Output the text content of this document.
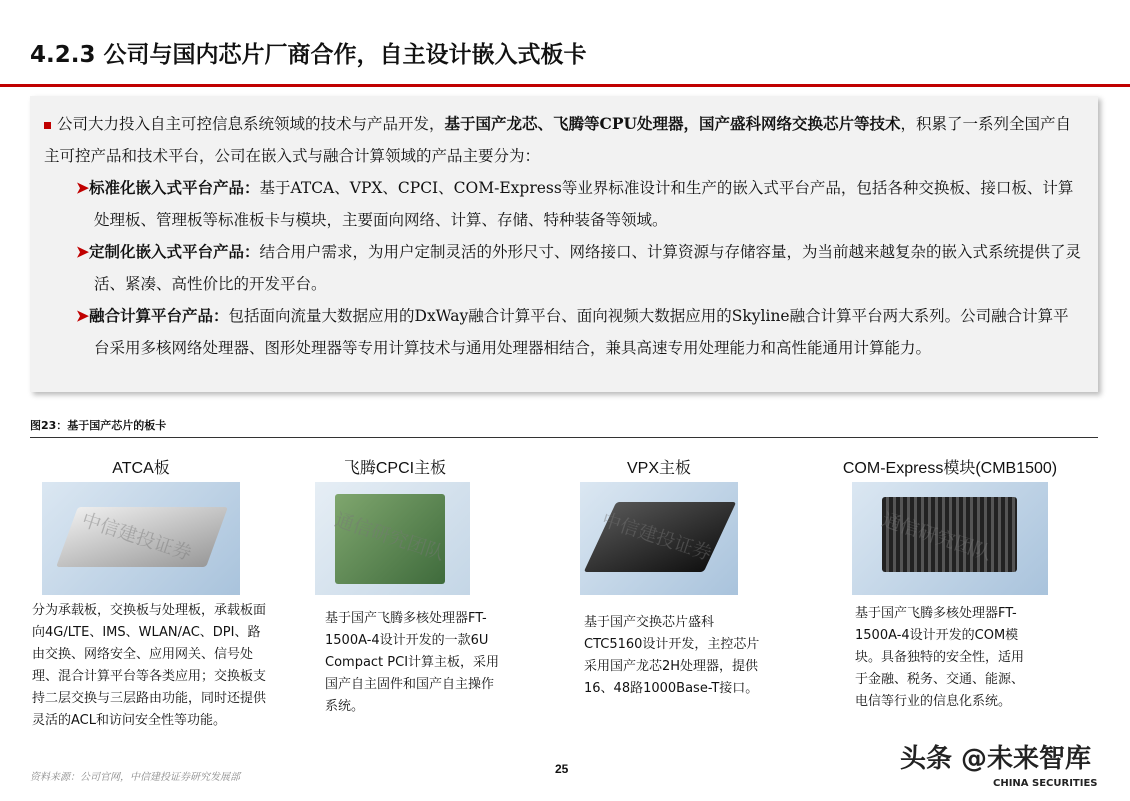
4.2.3 公司与国内芯片厂商合作，自主设计嵌入式板卡

公司大力投入自主可控信息系统领域的技术与产品开发，基于国产龙芯、飞腾等CPU处理器，国产盛科网络交换芯片等技术，积累了一系列全国产自主可控产品和技术平台，公司在嵌入式与融合计算领域的产品主要分为：

➤标准化嵌入式平台产品：基于ATCA、VPX、CPCI、COM-Express等业界标准设计和生产的嵌入式平台产品，包括各种交换板、接口板、计算处理板、管理板等标准板卡与模块，主要面向网络、计算、存储、特种装备等领域。

➤定制化嵌入式平台产品：结合用户需求，为用户定制灵活的外形尺寸、网络接口、计算资源与存储容量，为当前越来越复杂的嵌入式系统提供了灵活、紧凑、高性价比的开发平台。

➤融合计算平台产品：包括面向流量大数据应用的DxWay融合计算平台、面向视频大数据应用的Skyline融合计算平台两大系列。公司融合计算平台采用多核网络处理器、图形处理器等专用计算技术与通用处理器相结合，兼具高速专用处理能力和高性能通用计算能力。

图23：基于国产芯片的板卡
ATCA板	飞腾CPCI主板	VPX主板	COM-Express模块(CMB1500)
分为承载板，交换板与处理板，承载板面向4G/LTE、IMS、WLAN/AC、DPI、路由交换、网络安全、应用网关、信号处理、混合计算平台等各类应用；交换板支持二层交换与三层路由功能，同时还提供灵活的ACL和访问安全性等功能。
基于国产飞腾多核处理器FT-1500A-4设计开发的一款6U Compact PCI计算主板，采用国产自主固件和国产自主操作系统。
基于国产交换芯片盛科CTC5160设计开发，主控芯片采用国产龙芯2H处理器，提供16、48路1000Base-T接口。
基于国产飞腾多核处理器FT-1500A-4设计开发的COM模块。具备独特的安全性，适用于金融、税务、交通、能源、电信等行业的信息化系统。
资料来源：公司官网，中信建投证券研究发展部
25
中信建投证券	通信研究团队
中信建投证券	通信研究团队
头条 @未来智库
CHINA SECURITIES
